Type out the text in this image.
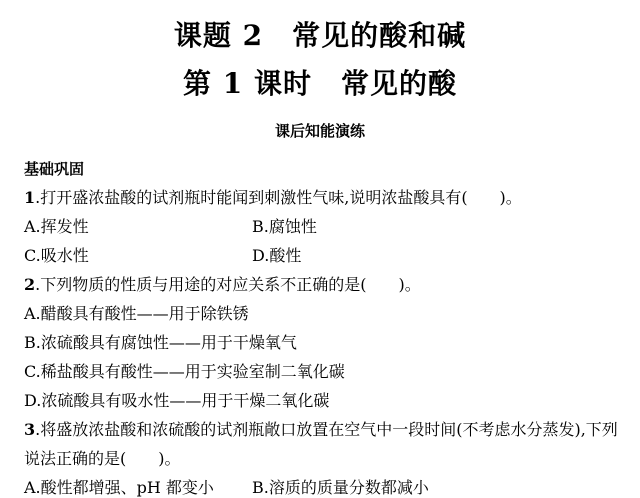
课题 2　常见的酸和碱
第 1 课时　常见的酸
课后知能演练
基础巩固
1.打开盛浓盐酸的试剂瓶时能闻到刺激性气味,说明浓盐酸具有(　　)。
A.挥发性	B.腐蚀性
C.吸水性	D.酸性
2.下列物质的性质与用途的对应关系不正确的是(　　)。
A.醋酸具有酸性——用于除铁锈
B.浓硫酸具有腐蚀性——用于干燥氧气
C.稀盐酸具有酸性——用于实验室制二氧化碳
D.浓硫酸具有吸水性——用于干燥二氧化碳
3.将盛放浓盐酸和浓硫酸的试剂瓶敞口放置在空气中一段时间(不考虑水分蒸发),下列
说法正确的是(　　)。
A.酸性都增强、pH 都变小 B.溶质的质量分数都减小
